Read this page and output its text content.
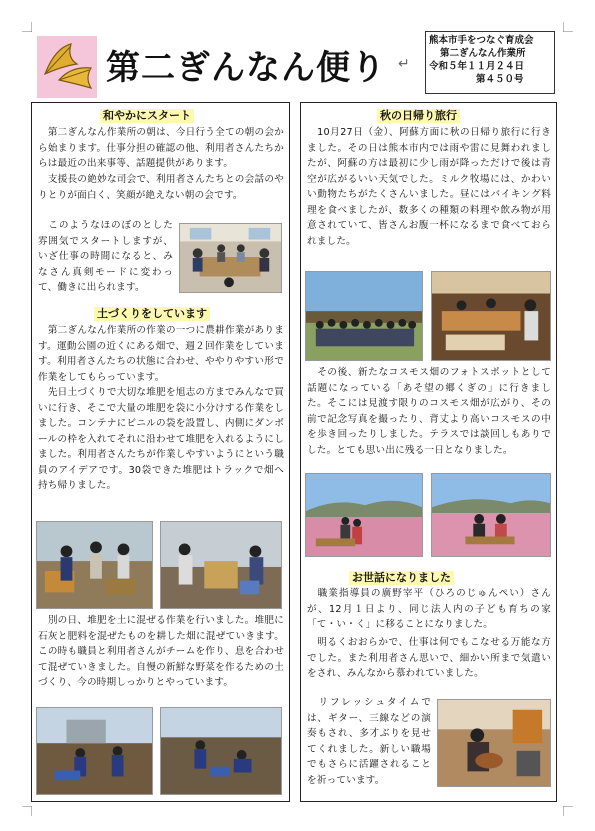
第二ぎんなん便り ↵
熊本市手をつなぐ育成会
第二ぎんなん作業所
令和５年１１月２４日
第４５０号
和やかにスタート
　第二ぎんなん作業所の朝は、今日行う全ての朝の会から始まります。仕事分担の確認の他、利用者さんたちからは最近の出来事等、話題提供があります。
　支援長の絶妙な司会で、利用者さんたちとの会話のやりとりが面白く、笑顔が絶えない朝の会です。
　このようなほのぼのとした雰囲気でスタートしますが、いざ仕事の時間になると、みなさん真剣モードに変わって、働きに出られます。
土づくりをしています
　第二ぎんなん作業所の作業の一つに農耕作業があります。運動公園の近くにある畑で、週２回作業をしています。利用者さんたちの状態に合わせ、ややりやすい形で作業をしてもらっています。
　先日土づくりで大切な堆肥を旭志の方までみんなで買いに行き、そこで大量の堆肥を袋に小分けする作業をしました。コンテナにビニルの袋を設置し、内側にダンボールの枠を入れてそれに沿わせて堆肥を入れるようにしました。利用者さんたちが作業しやすいようにという職員のアイデアです。30袋できた堆肥はトラックで畑へ持ち帰りました。
　別の日、堆肥を土に混ぜる作業を行いました。堆肥に石灰と肥料を混ぜたものを耕した畑に混ぜていきます。この時も職員と利用者さんがチームを作り、息を合わせて混ぜていきました。自慢の新鮮な野菜を作るための土づくり、今の時期しっかりとやっています。
秋の日帰り旅行
　10月27日（金）、阿蘇方面に秋の日帰り旅行に行きました。その日は熊本市内では雨や雷に見舞われましたが、阿蘇の方は最初に少し雨が降っただけで後は青空が広がるいい天気でした。ミルク牧場には、かわいい動物たちがたくさんいました。昼にはバイキング料理を食べましたが、数多くの種類の料理や飲み物が用意されていて、皆さんお腹一杯になるまで食べておられました。
　その後、新たなコスモス畑のフォトスポットとして話題になっている「あそ望の郷くぎの」に行きました。そこには見渡す限りのコスモス畑が広がり、その前で記念写真を撮ったり、背丈より高いコスモスの中を歩き回ったりしました。テラスでは談回しもありでした。とても思い出に残る一日となりました。
お世話になりました
　職業指導員の廣野宰平（ひろのじゅんぺい）さんが、12月１日より、同じ法人内の子ども育ちの家「て・い・く」に移ることになりました。
　明るくおおらかで、仕事は何でもこなせる万能な方でした。また利用者さん思いで、細かい所まで気遣いをされ、みんなから慕われていました。
　リフレッシュタイムでは、ギター、三線などの演奏もされ、多才ぶりを見せてくれました。新しい職場でもさらに活躍されることを祈っています。
